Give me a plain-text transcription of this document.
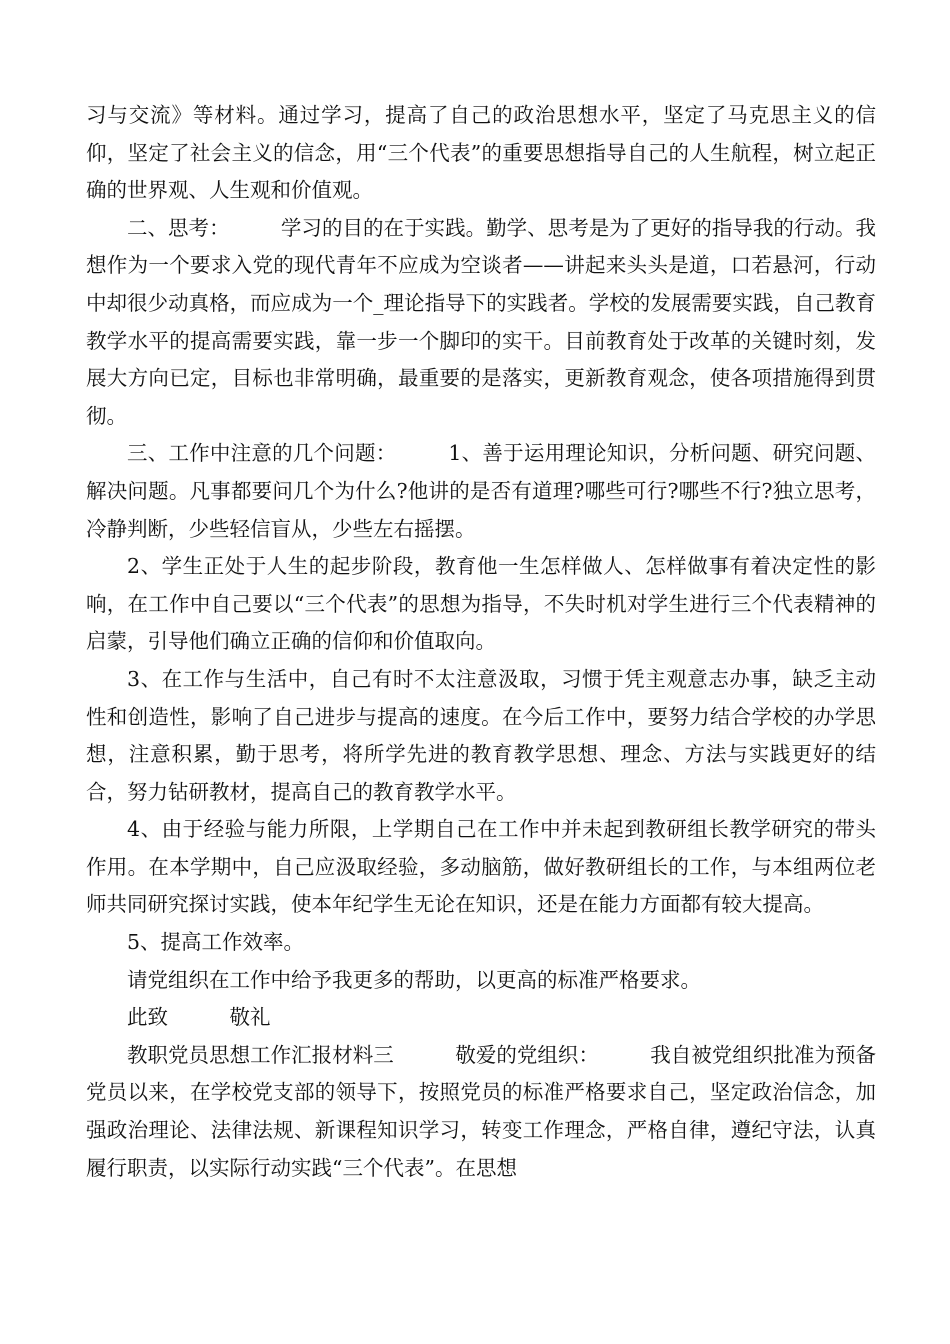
习与交流》等材料。通过学习，提高了自己的政治思想水平，坚定了马克思主义的信仰，坚定了社会主义的信念，用“三个代表”的重要思想指导自己的人生航程，树立起正确的世界观、人生观和价值观。

二、思考：　　　学习的目的在于实践。勤学、思考是为了更好的指导我的行动。我想作为一个要求入党的现代青年不应成为空谈者——讲起来头头是道，口若悬河，行动中却很少动真格，而应成为一个_理论指导下的实践者。学校的发展需要实践，自己教育教学水平的提高需要实践，靠一步一个脚印的实干。目前教育处于改革的关键时刻，发展大方向已定，目标也非常明确，最重要的是落实，更新教育观念，使各项措施得到贯彻。

三、工作中注意的几个问题：　　　1、善于运用理论知识，分析问题、研究问题、解决问题。凡事都要问几个为什么?他讲的是否有道理?哪些可行?哪些不行?独立思考，冷静判断，少些轻信盲从，少些左右摇摆。

2、学生正处于人生的起步阶段，教育他一生怎样做人、怎样做事有着决定性的影响，在工作中自己要以“三个代表”的思想为指导，不失时机对学生进行三个代表精神的启蒙，引导他们确立正确的信仰和价值取向。

3、在工作与生活中，自己有时不太注意汲取，习惯于凭主观意志办事，缺乏主动性和创造性，影响了自己进步与提高的速度。在今后工作中，要努力结合学校的办学思想，注意积累，勤于思考，将所学先进的教育教学思想、理念、方法与实践更好的结合，努力钻研教材，提高自己的教育教学水平。

4、由于经验与能力所限，上学期自己在工作中并未起到教研组长教学研究的带头作用。在本学期中，自己应汲取经验，多动脑筋，做好教研组长的工作，与本组两位老师共同研究探讨实践，使本年纪学生无论在知识，还是在能力方面都有较大提高。

5、提高工作效率。

请党组织在工作中给予我更多的帮助，以更高的标准严格要求。

此致　　　敬礼

教职党员思想工作汇报材料三　　　敬爱的党组织：　　　我自被党组织批准为预备党员以来，在学校党支部的领导下，按照党员的标准严格要求自己，坚定政治信念，加强政治理论、法律法规、新课程知识学习，转变工作理念，严格自律，遵纪守法，认真履行职责，以实际行动实践“三个代表”。在思想
